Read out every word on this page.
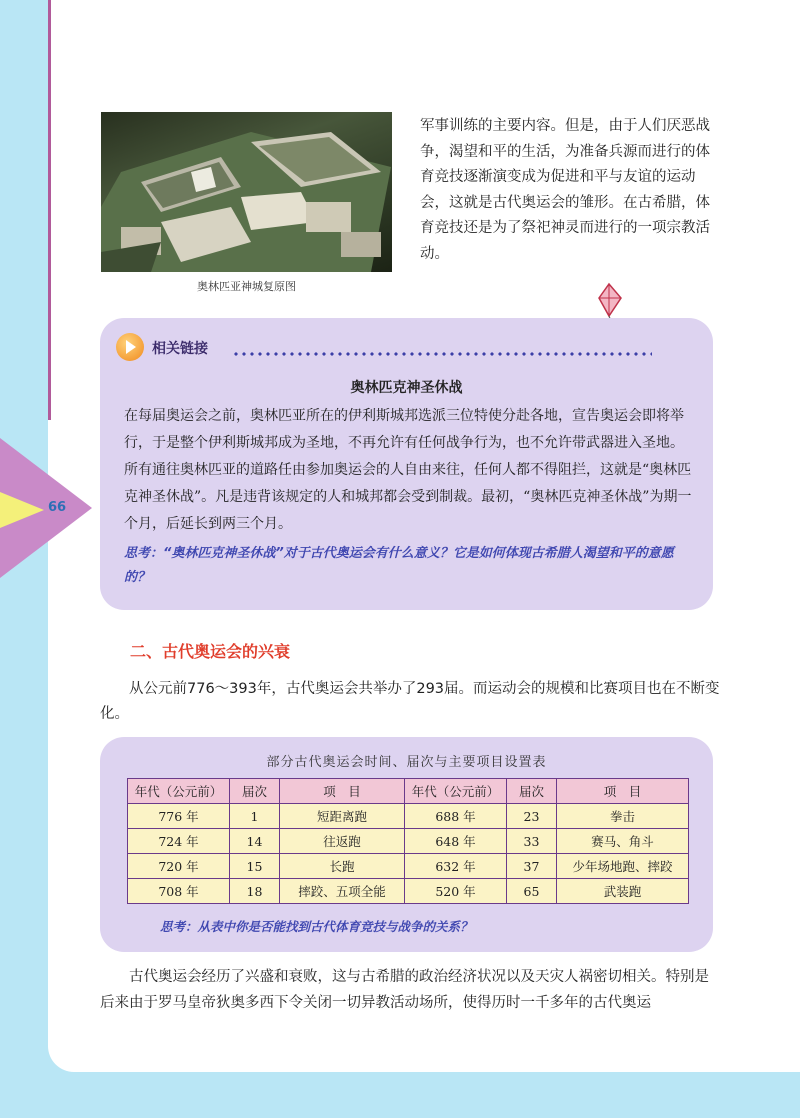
66
奥林匹亚神城复原图
军事训练的主要内容。但是，由于人们厌恶战争，渴望和平的生活，为准备兵源而进行的体育竞技逐渐演变成为促进和平与友谊的运动会，这就是古代奥运会的雏形。在古希腊，体育竞技还是为了祭祀神灵而进行的一项宗教活动。
相关链接
奥林匹克神圣休战
在每届奥运会之前，奥林匹亚所在的伊利斯城邦选派三位特使分赴各地，宣告奥运会即将举行，于是整个伊利斯城邦成为圣地，不再允许有任何战争行为，也不允许带武器进入圣地。所有通往奥林匹亚的道路任由参加奥运会的人自由来往，任何人都不得阻拦，这就是“奥林匹克神圣休战”。凡是违背该规定的人和城邦都会受到制裁。最初，“奥林匹克神圣休战”为期一个月，后延长到两三个月。
思考：“奥林匹克神圣休战”对于古代奥运会有什么意义？它是如何体现古希腊人渴望和平的意愿的？
二、古代奥运会的兴衰
从公元前776～393年，古代奥运会共举办了293届。而运动会的规模和比赛项目也在不断变化。
部分古代奥运会时间、届次与主要项目设置表
年代（公元前）	届次	项　目	年代（公元前）	届次	项　目
776 年	1	短距离跑	688 年	23	拳击
724 年	14	往返跑	648 年	33	赛马、角斗
720 年	15	长跑	632 年	37	少年场地跑、摔跤
708 年	18	摔跤、五项全能	520 年	65	武装跑
思考：从表中你是否能找到古代体育竞技与战争的关系？
古代奥运会经历了兴盛和衰败，这与古希腊的政治经济状况以及天灾人祸密切相关。特别是后来由于罗马皇帝狄奥多西下令关闭一切异教活动场所，使得历时一千多年的古代奥运
